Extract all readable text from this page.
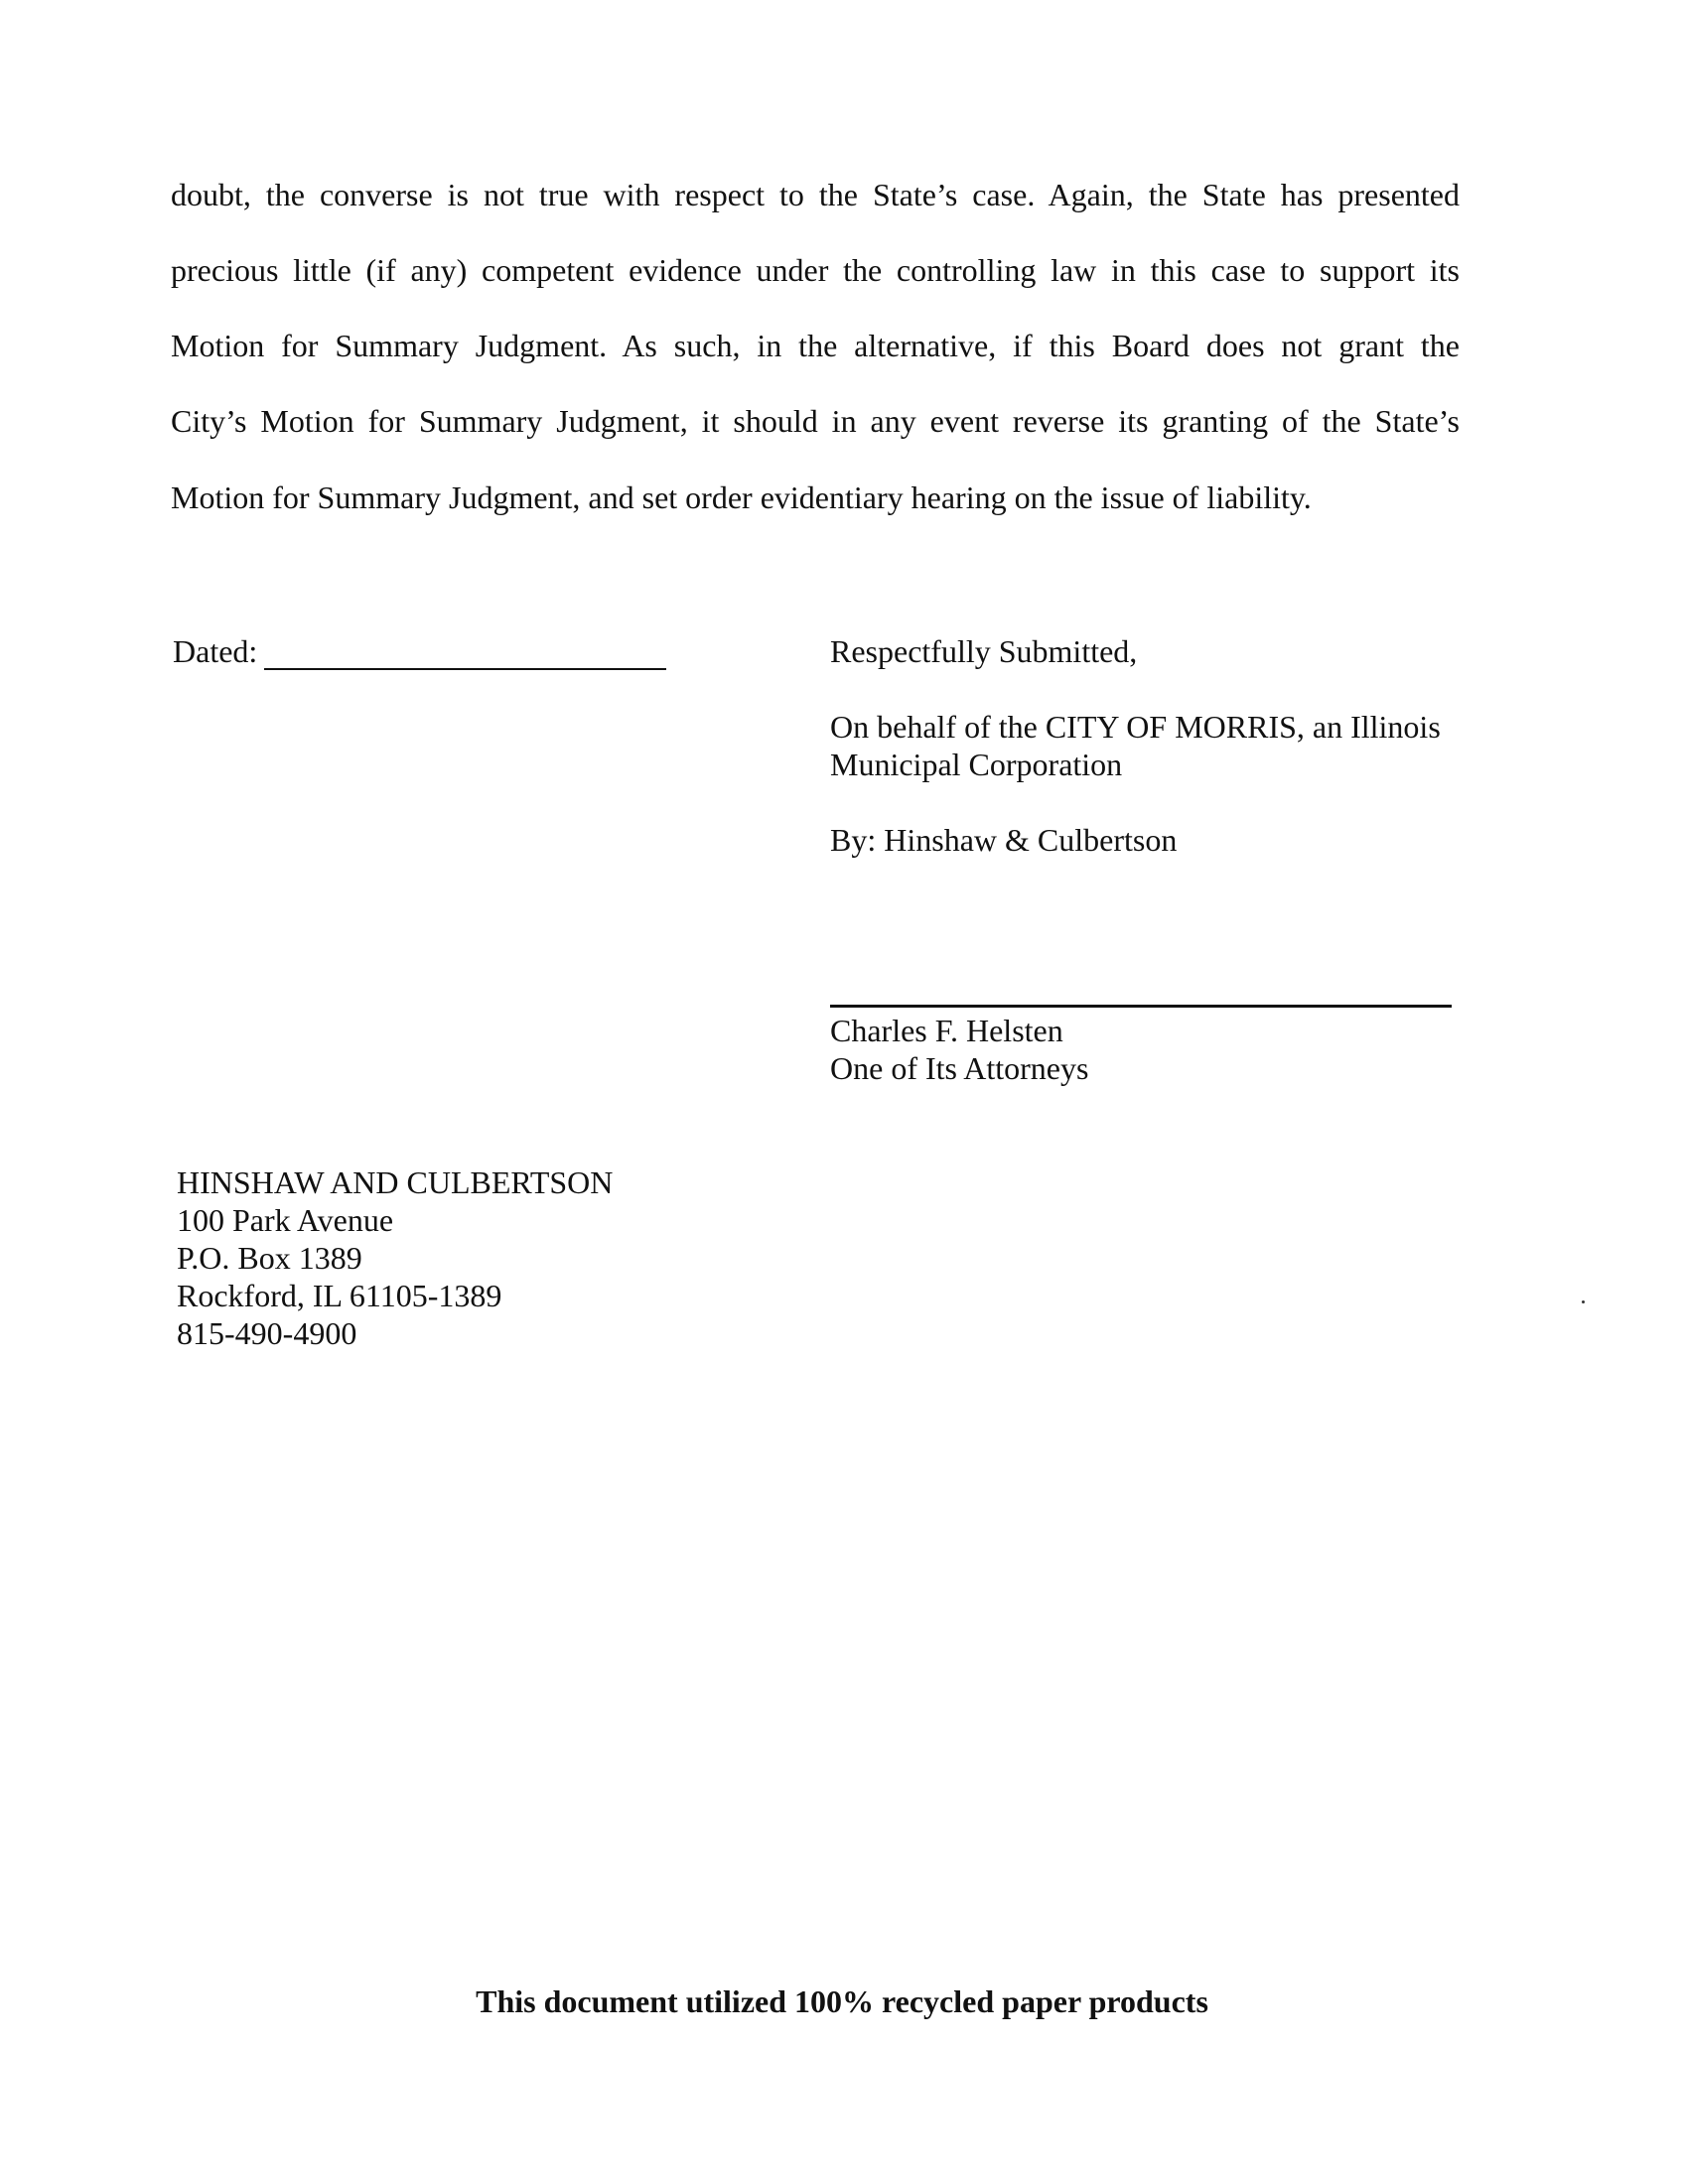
doubt, the converse is not true with respect to the State’s case. Again, the State has presented
precious little (if any) competent evidence under the controlling law in this case to support its
Motion for Summary Judgment. As such, in the alternative, if this Board does not grant the
City’s Motion for Summary Judgment, it should in any event reverse its granting of the State’s
Motion for Summary Judgment, and set order evidentiary hearing on the issue of liability.
Dated:	Respectfully Submitted,
On behalf of the CITY OF MORRIS, an Illinois
Municipal Corporation
By: Hinshaw & Culbertson
Charles F. Helsten
One of Its Attorneys
HINSHAW AND CULBERTSON
100 Park Avenue
P.O. Box 1389
Rockford, IL 61105-1389
815-490-4900
This document utilized 100% recycled paper products
